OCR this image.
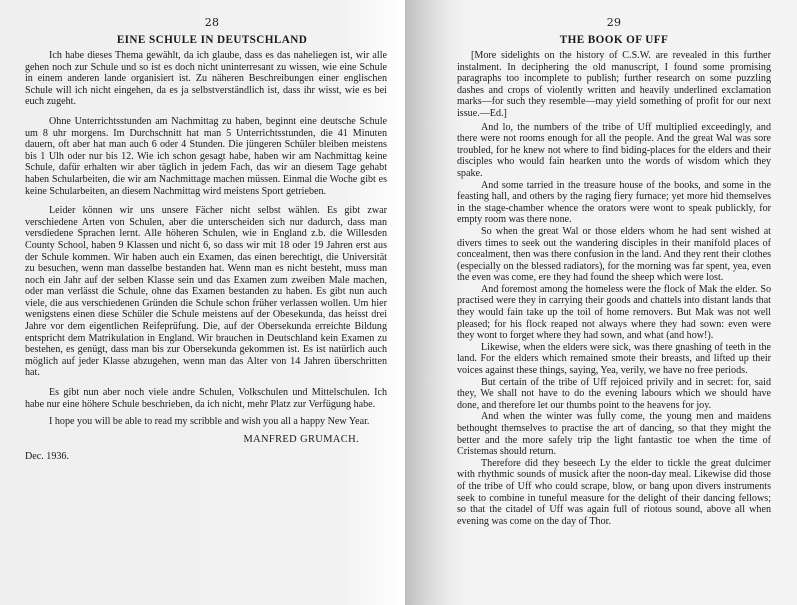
28
EINE SCHULE IN DEUTSCHLAND

Ich habe dieses Thema gewählt, da ich glaube, dass es das naheliegen ist, wir alle gehen noch zur Schule und so ist es doch nicht uninterresant zu wissen, wie eine Schule in einem anderen lande organisiert ist. Zu näheren Beschreibungen einer englischen Schule will ich nicht eingehen, da es ja selbstverständlich ist, dass ihr wisst, wie es bei euch zugeht.

Ohne Unterrichtsstunden am Nachmittag zu haben, beginnt eine deutsche Schule um 8 uhr morgens. Im Durchschnitt hat man 5 Unterrichtsstunden, die 41 Minuten dauern, oft aber hat man auch 6 oder 4 Stunden. Die jüngeren Schüler bleiben meistens bis 1 Ulh oder nur bis 12. Wie ich schon gesagt habe, haben wir am Nachmittag keine Schule, dafür erhalten wir aber täglich in jedem Fach, das wir an diesem Tage gehabt haben Schularbeiten, die wir am Nachmittage machen müssen. Einmal die Woche gibt es keine Schularbeiten, an diesem Nachmittag wird meistens Sport getrieben.

Leider können wir uns unsere Fächer nicht selbst wählen. Es gibt zwar verschiedene Arten von Schulen, aber die unterscheiden sich nur dadurch, dass man versdiedene Sprachen lernt. Alle höheren Schulen, wie in England z.b. die Willesden County School, haben 9 Klassen und nicht 6, so dass wir mit 18 oder 19 Jahren erst aus der Schule kommen. Wir haben auch ein Examen, das einen berechtigt, die Universität zu besuchen, wenn man dasselbe bestanden hat. Wenn man es nicht besteht, muss man noch ein Jahr auf der selben Klasse sein und das Examen zum zweiben Male machen, oder man verlässt die Schule, ohne das Examen bestanden zu haben. Es gibt nun auch viele, die aus verschiedenen Gründen die Schule schon früher verlassen wollen. Um hier wenigstens einen diese Schüler die Schule meistens auf der Obesekunda, das heisst drei Jahre vor dem eigentlichen Reifeprüfung. Die, auf der Obersekunda erreichte Bildung entspricht dem Matrikulation in England. Wir brauchen in Deutschland kein Examen zu bestehen, es genügt, dass man bis zur Obersekunda gekommen ist. Es ist natürlich auch möglich auf jeder Klasse abzugehen, wenn man das Alter von 14 Jahren überschritten hat.

Es gibt nun aber noch viele andre Schulen, Volkschulen und Mittelschulen. Ich habe nur eine höhere Schule beschrieben, da ich nicht, mehr Platz zur Verfügung habe.

I hope you will be able to read my scribble and wish you all a happy New Year.

MANFRED GRUMACH.
Dec. 1936.
29
THE BOOK OF UFF

[More sidelights on the history of C.S.W. are revealed in this further instalment. In deciphering the old manuscript, I found some promising paragraphs too incomplete to publish; further research on some puzzling dashes and crops of violently written and heavily underlined exclamation marks—for such they resemble—may yield something of profit for our next issue.—Ed.]

And lo, the numbers of the tribe of Uff multiplied exceedingly, and there were not rooms enough for all the people. And the great Wal was sore troubled, for he knew not where to find biding-places for the elders and their disciples who would fain hearken unto the words of wisdom which they spake.

And some tarried in the treasure house of the books, and some in the feasting hall, and others by the raging fiery furnace; yet more hid themselves in the stage-chamber whence the orators were wont to speak publickly, for empty room was there none.

So when the great Wal or those elders whom he had sent wished at divers times to seek out the wandering disciples in their manifold places of concealment, then was there confusion in the land. And they rent their clothes (especially on the blessed radiators), for the morning was far spent, yea, even the even was come, ere they had found the sheep which were lost.

And foremost among the homeless were the flock of Mak the elder. So practised were they in carrying their goods and chattels into distant lands that they would fain take up the toil of home removers. But Mak was not well pleased; for his flock reaped not always where they had sown: even were they wont to forget where they had sown, and what (and how!).

Likewise, when the elders were sick, was there gnashing of teeth in the land. For the elders which remained smote their breasts, and lifted up their voices against these things, saying, Yea, verily, we have no free periods.

But certain of the tribe of Uff rejoiced privily and in secret: for, said they, We shall not have to do the evening labours which we should have done, and therefore let our thumbs point to the heavens for joy.

And when the winter was fully come, the young men and maidens bethought themselves to practise the art of dancing, so that they might the better and the more safely trip the light fantastic toe when the time of Cristemas should return.

Therefore did they beseech Ly the elder to tickle the great dulcimer with rhythmic sounds of musick after the noon-day meal. Likewise did those of the tribe of Uff who could scrape, blow, or bang upon divers instruments seek to combine in tuneful measure for the delight of their dancing fellows; so that the citadel of Uff was again full of riotous sound, above all when evening was come on the day of Thor.
